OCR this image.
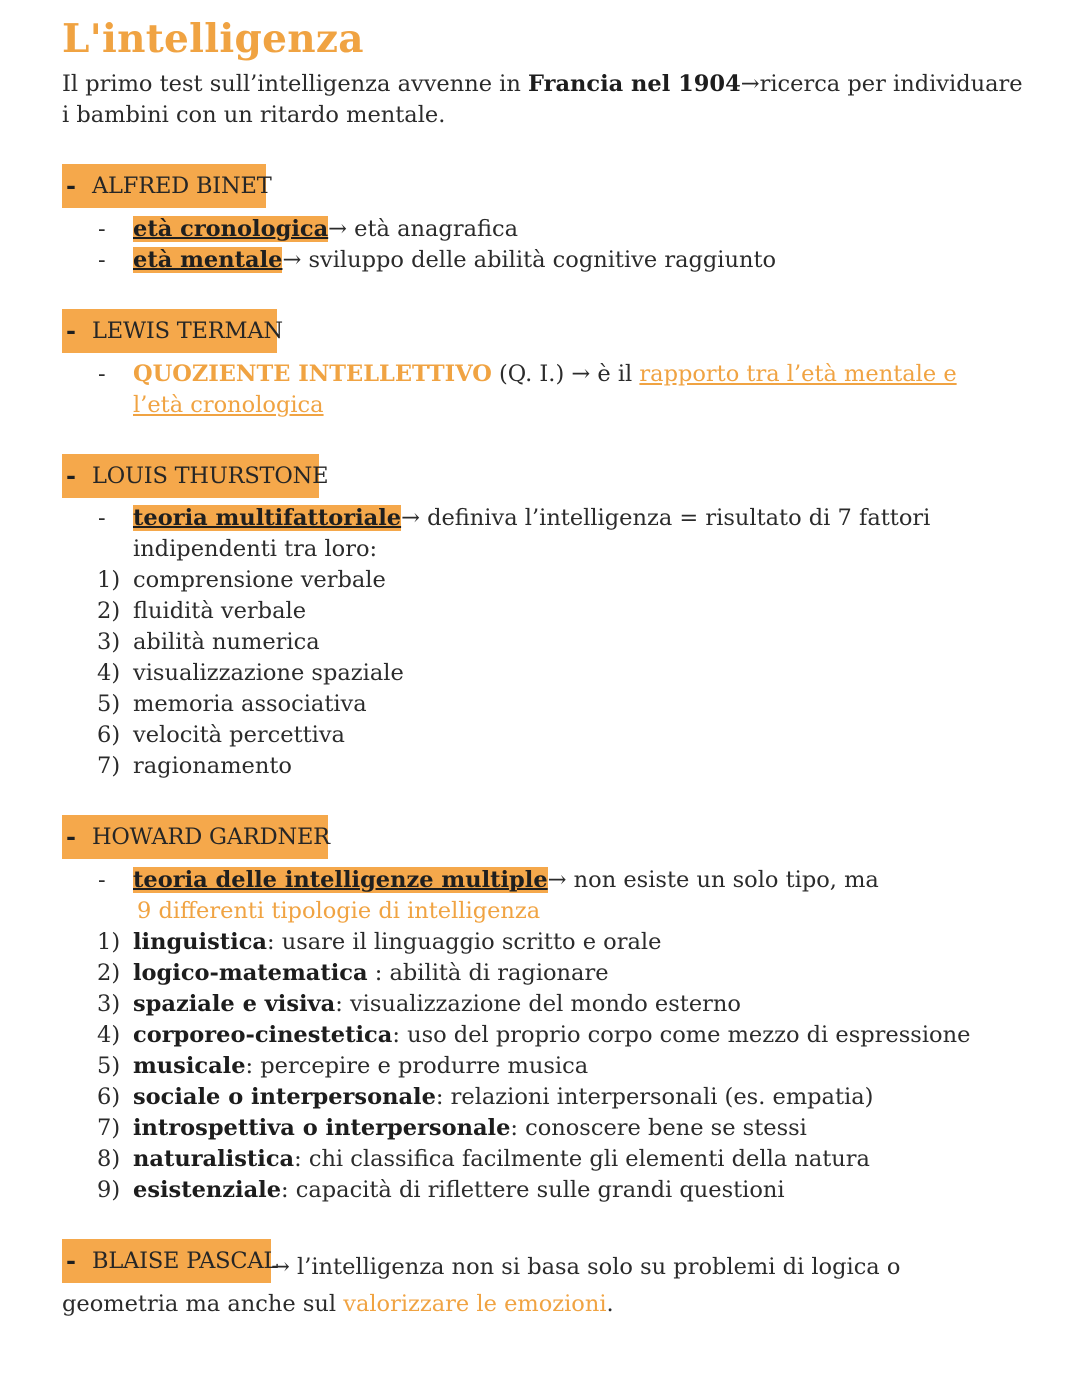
L'intelligenza
Il primo test sull’intelligenza avvenne in Francia nel 1904→ricerca per individuare
i bambini con un ritardo mentale.
- ALFRED BINET
- età cronologica→ età anagrafica
- età mentale→ sviluppo delle abilità cognitive raggiunto
- LEWIS TERMAN
- QUOZIENTE INTELLETTIVO (Q. I.) → è il rapporto tra l’età mentale e
l’età cronologica
- LOUIS THURSTONE
- teoria multifattoriale→ definiva l’intelligenza = risultato di 7 fattori
indipendenti tra loro:
1) comprensione verbale
2) fluidità verbale
3) abilità numerica
4) visualizzazione spaziale
5) memoria associativa
6) velocità percettiva
7) ragionamento
- HOWARD GARDNER
- teoria delle intelligenze multiple→ non esiste un solo tipo, ma
9 differenti tipologie di intelligenza
1) linguistica: usare il linguaggio scritto e orale
2) logico-matematica : abilità di ragionare
3) spaziale e visiva: visualizzazione del mondo esterno
4) corporeo-cinestetica: uso del proprio corpo come mezzo di espressione
5) musicale: percepire e produrre musica
6) sociale o interpersonale: relazioni interpersonali (es. empatia)
7) introspettiva o interpersonale: conoscere bene se stessi
8) naturalistica: chi classifica facilmente gli elementi della natura
9) esistenziale: capacità di riflettere sulle grandi questioni
- BLAISE PASCAL
→ l’intelligenza non si basa solo su problemi di logica o
geometria ma anche sul valorizzare le emozioni.
